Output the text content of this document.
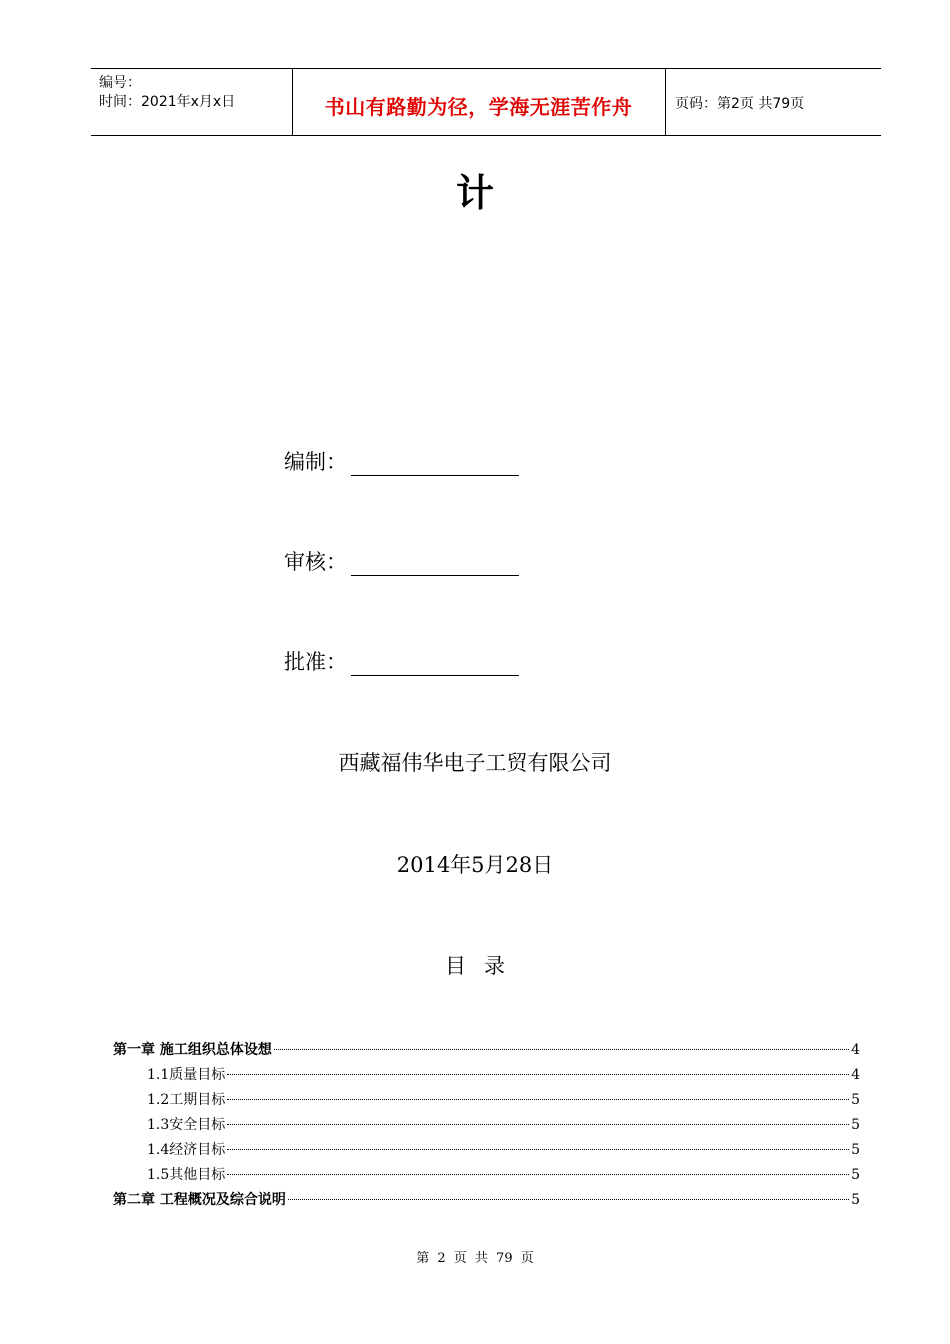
编号：
时间：2021年x月x日	书山有路勤为径，学海无涯苦作舟	页码：第2页 共79页
计
编制：
审核：
批准：
西藏福伟华电子工贸有限公司
2014年5月28日
目录
第一章 施工组织总体设想	4
1.1质量目标	4
1.2工期目标	5
1.3安全目标	5
1.4经济目标	5
1.5其他目标	5
第二章 工程概况及综合说明	5
第 2 页 共 79 页
